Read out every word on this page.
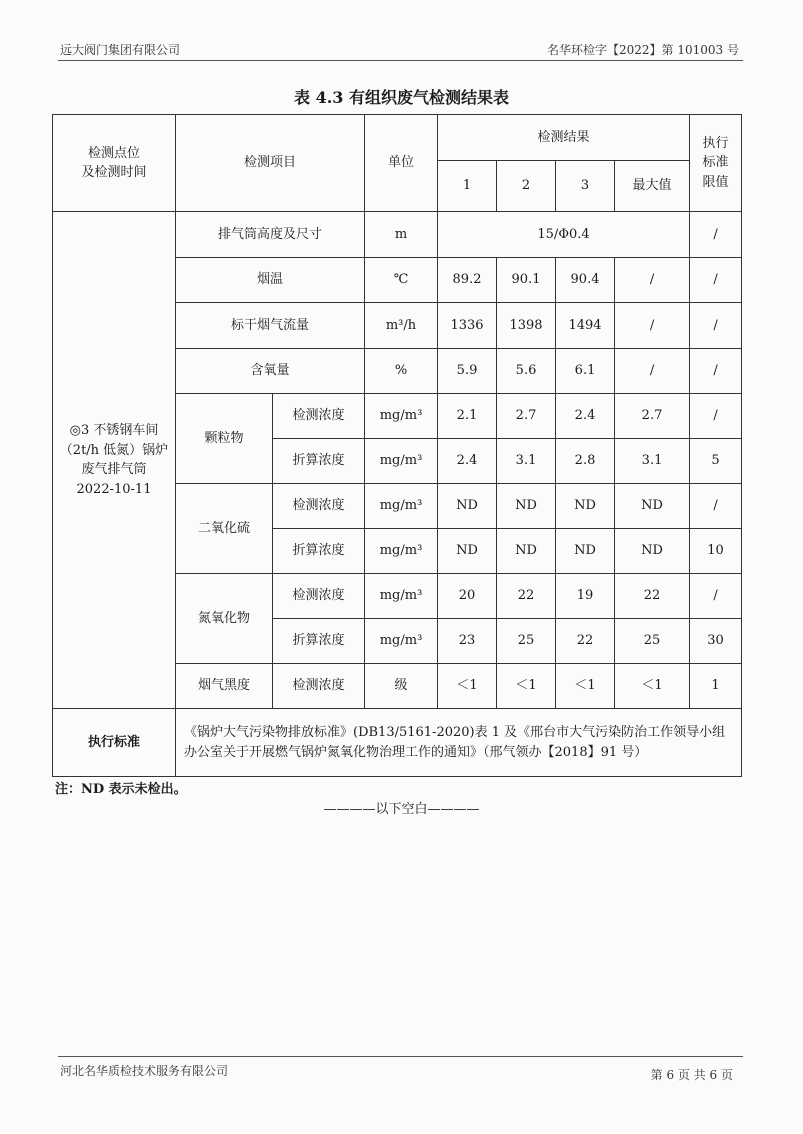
远大阀门集团有限公司	名华环检字【2022】第 101003 号
表 4.3 有组织废气检测结果表
检测点位
及检测时间	检测项目		单位	检测结果				执行
标准
限值
				1	2	3	最大值	
◎3 不锈钢车间
（2t/h 低氮）锅炉
废气排气筒
2022-10-11	排气筒高度及尺寸		m	15/Φ0.4				/
	烟温		℃	89.2	90.1	90.4	/	/
	标干烟气流量		m³/h	1336	1398	1494	/	/
	含氧量		%	5.9	5.6	6.1	/	/
	颗粒物	检测浓度	mg/m³	2.1	2.7	2.4	2.7	/
		折算浓度	mg/m³	2.4	3.1	2.8	3.1	5
	二氧化硫	检测浓度	mg/m³	ND	ND	ND	ND	/
		折算浓度	mg/m³	ND	ND	ND	ND	10
	氮氧化物	检测浓度	mg/m³	20	22	19	22	/
		折算浓度	mg/m³	23	25	22	25	30
	烟气黑度	检测浓度	级	＜1	＜1	＜1	＜1	1
执行标准	《锅炉大气污染物排放标准》(DB13/5161-2020)表 1 及《邢台市大气污染防治工作领导小组办公室关于开展燃气锅炉氮氧化物治理工作的通知》（邢气领办【2018】91 号）							
注：ND 表示未检出。
————以下空白————
河北名华质检技术服务有限公司	第 6 页 共 6 页
